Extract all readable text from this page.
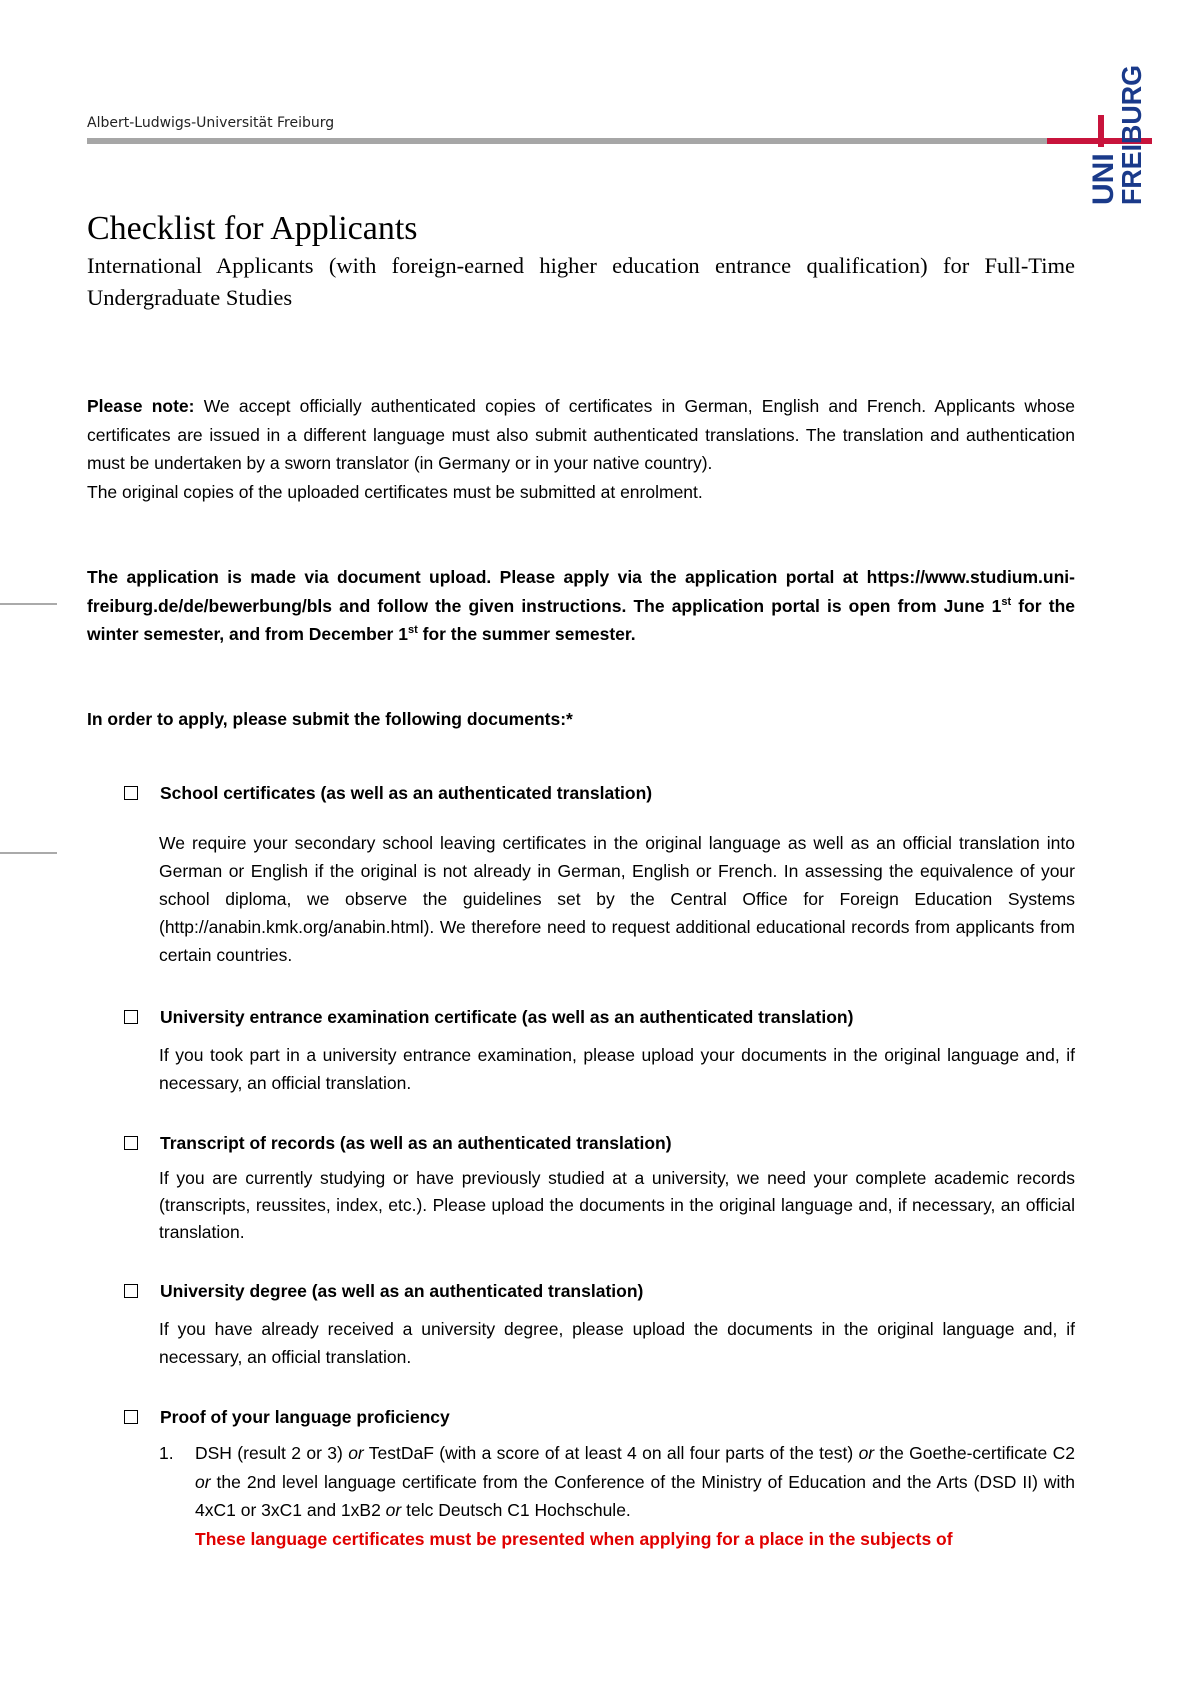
Albert-Ludwigs-Universität Freiburg
UNI
FREIBURG
Checklist for Applicants
International Applicants (with foreign-earned higher education entrance qualification) for Full-Time Undergraduate Studies

Please note: We accept officially authenticated copies of certificates in German, English and French. Applicants whose certificates are issued in a different language must also submit authenticated translations. The translation and authentication must be undertaken by a sworn translator (in Germany or in your native country).

The original copies of the uploaded certificates must be submitted at enrolment.

The application is made via document upload. Please apply via the application portal at https://www.studium.uni-freiburg.de/de/bewerbung/bls and follow the given instructions. The application portal is open from June 1st for the winter semester, and from December 1st for the summer semester.
In order to apply, please submit the following documents:*
School certificates (as well as an authenticated translation)
We require your secondary school leaving certificates in the original language as well as an official translation into German or English if the original is not already in German, English or French. In assessing the equivalence of your school diploma, we observe the guidelines set by the Central Office for Foreign Education Systems (http://anabin.kmk.org/anabin.html). We therefore need to request additional educational records from applicants from certain countries.
University entrance examination certificate (as well as an authenticated translation)
If you took part in a university entrance examination, please upload your documents in the original language and, if necessary, an official translation.
Transcript of records (as well as an authenticated translation)
If you are currently studying or have previously studied at a university, we need your complete academic records (transcripts, reussites, index, etc.). Please upload the documents in the original language and, if necessary, an official translation.
University degree (as well as an authenticated translation)
If you have already received a university degree, please upload the documents in the original language and, if necessary, an official translation.
Proof of your language proficiency
1.	DSH (result 2 or 3) or TestDaF (with a score of at least 4 on all four parts of the test) or the Goethe-certificate C2 or the 2nd level language certificate from the Conference of the Ministry of Education and the Arts (DSD II) with 4xC1 or 3xC1 and 1xB2 or telc Deutsch C1 Hochschule.
These language certificates must be presented when applying for a place in the subjects of
